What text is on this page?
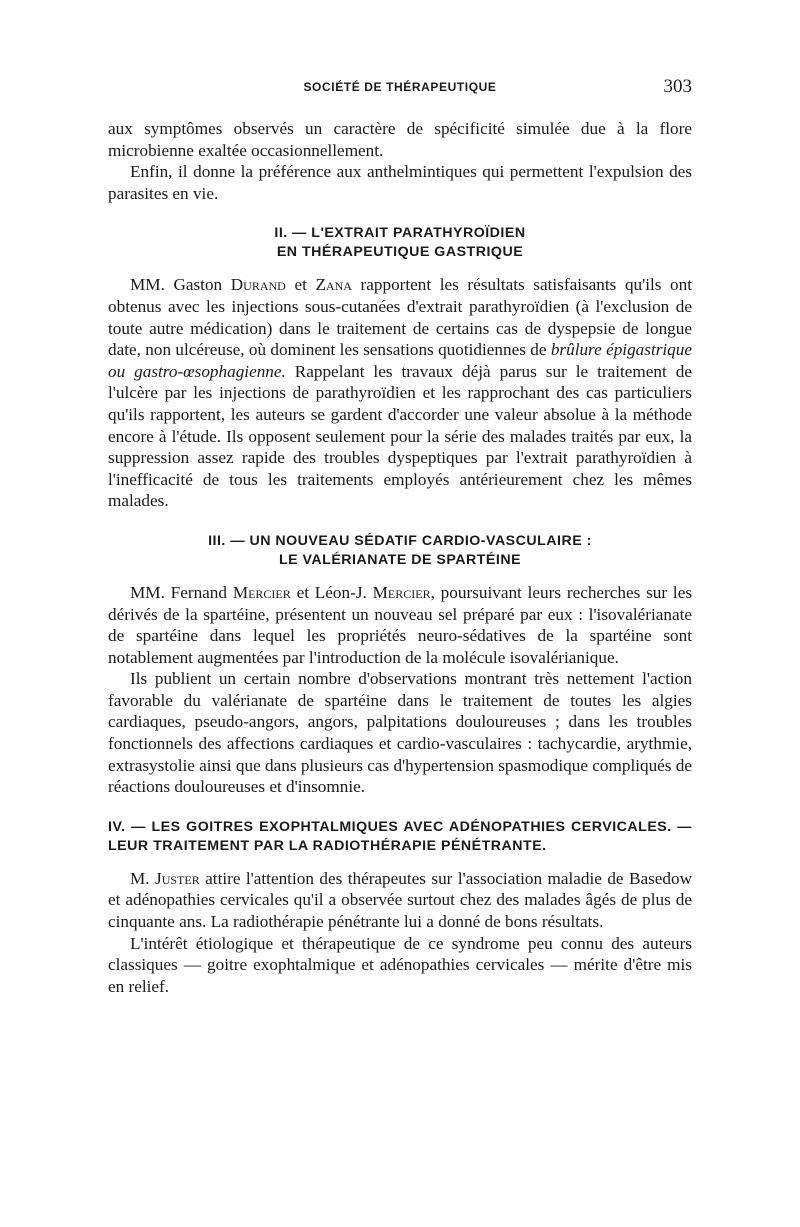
SOCIÉTÉ DE THÉRAPEUTIQUE	303

aux symptômes observés un caractère de spécificité simulée due à la flore microbienne exaltée occasionnellement.

Enfin, il donne la préférence aux anthelmintiques qui permettent l'expulsion des parasites en vie.

II. — L'EXTRAIT PARATHYROÏDIEN
EN THÉRAPEUTIQUE GASTRIQUE

MM. Gaston Durand et Zana rapportent les résultats satisfaisants qu'ils ont obtenus avec les injections sous-cutanées d'extrait parathyroïdien (à l'exclusion de toute autre médication) dans le traitement de certains cas de dyspepsie de longue date, non ulcéreuse, où dominent les sensations quotidiennes de brûlure épigastrique ou gastro-œsophagienne. Rappelant les travaux déjà parus sur le traitement de l'ulcère par les injections de parathyroïdien et les rapprochant des cas particuliers qu'ils rapportent, les auteurs se gardent d'accorder une valeur absolue à la méthode encore à l'étude. Ils opposent seulement pour la série des malades traités par eux, la suppression assez rapide des troubles dyspeptiques par l'extrait parathyroïdien à l'inefficacité de tous les traitements employés antérieurement chez les mêmes malades.

III. — UN NOUVEAU SÉDATIF CARDIO-VASCULAIRE :
LE VALÉRIANATE DE SPARTÉINE

MM. Fernand Mercier et Léon-J. Mercier, poursuivant leurs recherches sur les dérivés de la spartéine, présentent un nouveau sel préparé par eux : l'isovalérianate de spartéine dans lequel les propriétés neuro-sédatives de la spartéine sont notablement augmentées par l'introduction de la molécule isovalérianique.

Ils publient un certain nombre d'observations montrant très nettement l'action favorable du valérianate de spartéine dans le traitement de toutes les algies cardiaques, pseudo-angors, angors, palpitations douloureuses ; dans les troubles fonctionnels des affections cardiaques et cardio-vasculaires : tachycardie, arythmie, extrasystolie ainsi que dans plusieurs cas d'hypertension spasmodique compliqués de réactions douloureuses et d'insomnie.

IV. — LES GOITRES EXOPHTALMIQUES AVEC ADÉNOPATHIES CERVICALES. — LEUR TRAITEMENT PAR LA RADIOTHÉRAPIE PÉNÉTRANTE.

M. Juster attire l'attention des thérapeutes sur l'association maladie de Basedow et adénopathies cervicales qu'il a observée surtout chez des malades âgés de plus de cinquante ans. La radiothérapie pénétrante lui a donné de bons résultats.

L'intérêt étiologique et thérapeutique de ce syndrome peu connu des auteurs classiques — goitre exophtalmique et adénopathies cervicales — mérite d'être mis en relief.
